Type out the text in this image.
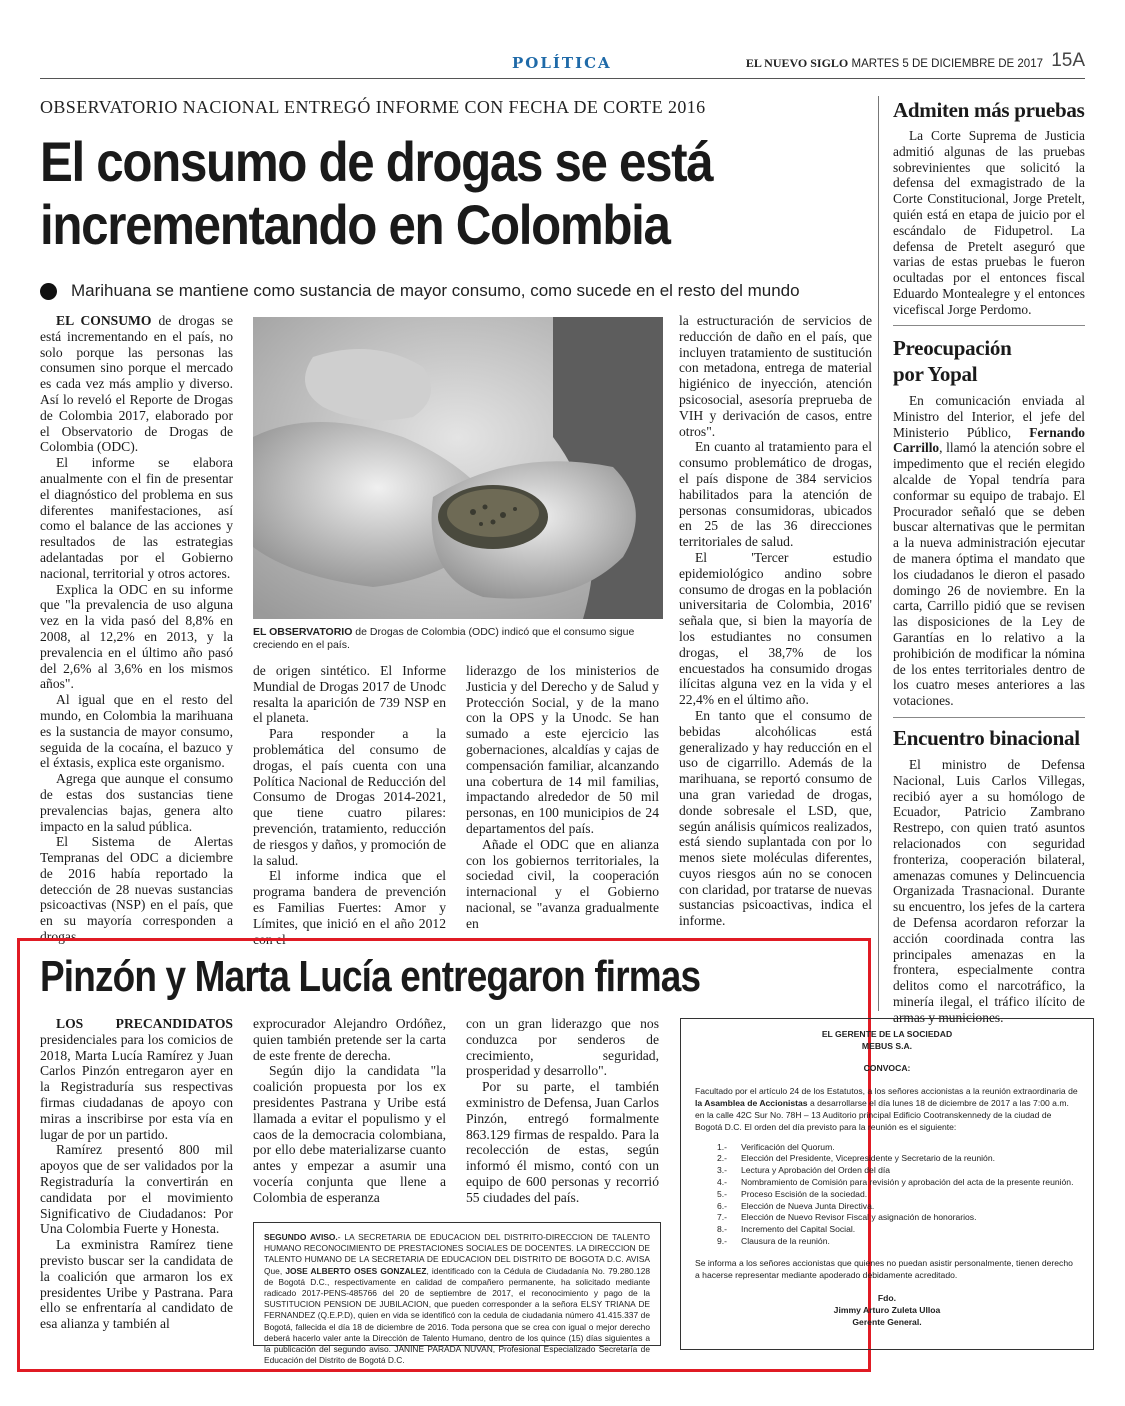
POLÍTICA	EL NUEVO SIGLO MARTES 5 DE DICIEMBRE DE 2017 15A
OBSERVATORIO NACIONAL ENTREGÓ INFORME CON FECHA DE CORTE 2016
El consumo de drogas se está incrementando en Colombia
Marihuana se mantiene como sustancia de mayor consumo, como sucede en el resto del mundo

EL CONSUMO de drogas se está incrementando en el país, no solo porque las personas las consumen sino porque el mercado es cada vez más amplio y diverso. Así lo reveló el Reporte de Drogas de Colombia 2017, elaborado por el Observatorio de Drogas de Colombia (ODC).

El informe se elabora anualmente con el fin de presentar el diagnóstico del problema en sus diferentes manifestaciones, así como el balance de las acciones y resultados de las estrategias adelantadas por el Gobierno nacional, territorial y otros actores.

Explica la ODC en su informe que "la prevalencia de uso alguna vez en la vida pasó del 8,8% en 2008, al 12,2% en 2013, y la prevalencia en el último año pasó del 2,6% al 3,6% en los mismos años".

Al igual que en el resto del mundo, en Colombia la marihuana es la sustancia de mayor consumo, seguida de la cocaína, el bazuco y el éxtasis, explica este organismo.

Agrega que aunque el consumo de estas dos sustancias tiene prevalencias bajas, genera alto impacto en la salud pública.

El Sistema de Alertas Tempranas del ODC a diciembre de 2016 había reportado la detección de 28 nuevas sustancias psicoactivas (NSP) en el país, que en su mayoría corresponden a drogas

EL OBSERVATORIO de Drogas de Colombia (ODC) indicó que el consumo sigue creciendo en el país.

de origen sintético. El Informe Mundial de Drogas 2017 de Unodc resalta la aparición de 739 NSP en el planeta.

Para responder a la problemática del consumo de drogas, el país cuenta con una Política Nacional de Reducción del Consumo de Drogas 2014-2021, que tiene cuatro pilares: prevención, tratamiento, reducción de riesgos y daños, y promoción de la salud.

El informe indica que el programa bandera de prevención es Familias Fuertes: Amor y Límites, que inició en el año 2012 con el

liderazgo de los ministerios de Justicia y del Derecho y de Salud y Protección Social, y de la mano con la OPS y la Unodc. Se han sumado a este ejercicio las gobernaciones, alcaldías y cajas de compensación familiar, alcanzando una cobertura de 14 mil familias, impactando alrededor de 50 mil personas, en 100 municipios de 24 departamentos del país.

Añade el ODC que en alianza con los gobiernos territoriales, la sociedad civil, la cooperación internacional y el Gobierno nacional, se "avanza gradualmente en

la estructuración de servicios de reducción de daño en el país, que incluyen tratamiento de sustitución con metadona, entrega de material higiénico de inyección, atención psicosocial, asesoría preprueba de VIH y derivación de casos, entre otros".

En cuanto al tratamiento para el consumo problemático de drogas, el país dispone de 384 servicios habilitados para la atención de personas consumidoras, ubicados en 25 de las 36 direcciones territoriales de salud.

El 'Tercer estudio epidemiológico andino sobre consumo de drogas en la población universitaria de Colombia, 2016' señala que, si bien la mayoría de los estudiantes no consumen drogas, el 38,7% de los encuestados ha consumido drogas ilícitas alguna vez en la vida y el 22,4% en el último año.

En tanto que el consumo de bebidas alcohólicas está generalizado y hay reducción en el uso de cigarrillo. Además de la marihuana, se reportó consumo de una gran variedad de drogas, donde sobresale el LSD, que, según análisis químicos realizados, está siendo suplantada con por lo menos siete moléculas diferentes, cuyos riesgos aún no se conocen con claridad, por tratarse de nuevas sustancias psicoactivas, indica el informe.

Admiten más pruebas

La Corte Suprema de Justicia admitió algunas de las pruebas sobrevinientes que solicitó la defensa del exmagistrado de la Corte Constitucional, Jorge Pretelt, quién está en etapa de juicio por el escándalo de Fidupetrol. La defensa de Pretelt aseguró que varias de estas pruebas le fueron ocultadas por el entonces fiscal Eduardo Montealegre y el entonces vicefiscal Jorge Perdomo.

Preocupación
por Yopal

En comunicación enviada al Ministro del Interior, el jefe del Ministerio Público, Fernando Carrillo, llamó la atención sobre el impedimento que el recién elegido alcalde de Yopal tendría para conformar su equipo de trabajo. El Procurador señaló que se deben buscar alternativas que le permitan a la nueva administración ejecutar de manera óptima el mandato que los ciudadanos le dieron el pasado domingo 26 de noviembre. En la carta, Carrillo pidió que se revisen las disposiciones de la Ley de Garantías en lo relativo a la prohibición de modificar la nómina de los entes territoriales dentro de los cuatro meses anteriores a las votaciones.

Encuentro binacional

El ministro de Defensa Nacional, Luis Carlos Villegas, recibió ayer a su homólogo de Ecuador, Patricio Zambrano Restrepo, con quien trató asuntos relacionados con seguridad fronteriza, cooperación bilateral, amenazas comunes y Delincuencia Organizada Trasnacional. Durante su encuentro, los jefes de la cartera de Defensa acordaron reforzar la acción coordinada contra las principales amenazas en la frontera, especialmente contra delitos como el narcotráfico, la minería ilegal, el tráfico ilícito de armas y municiones.

Pinzón y Marta Lucía entregaron firmas

LOS PRECANDIDATOS presidenciales para los comicios de 2018, Marta Lucía Ramírez y Juan Carlos Pinzón entregaron ayer en la Registraduría sus respectivas firmas ciudadanas de apoyo con miras a inscribirse por esta vía en lugar de por un partido.

Ramírez presentó 800 mil apoyos que de ser validados por la Registraduría la convertirán en candidata por el movimiento Significativo de Ciudadanos: Por Una Colombia Fuerte y Honesta.

La exministra Ramírez tiene previsto buscar ser la candidata de la coalición que armaron los ex presidentes Uribe y Pastrana. Para ello se enfrentaría al candidato de esa alianza y también al

exprocurador Alejandro Ordóñez, quien también pretende ser la carta de este frente de derecha.

Según dijo la candidata "la coalición propuesta por los ex presidentes Pastrana y Uribe está llamada a evitar el populismo y el caos de la democracia colombiana, por ello debe materializarse cuanto antes y empezar a asumir una vocería conjunta que llene a Colombia de esperanza

con un gran liderazgo que nos conduzca por senderos de crecimiento, seguridad, prosperidad y desarrollo".

Por su parte, el también exministro de Defensa, Juan Carlos Pinzón, entregó formalmente 863.129 firmas de respaldo. Para la recolección de estas, según informó él mismo, contó con un equipo de 600 personas y recorrió 55 ciudades del país.

SEGUNDO AVISO.- LA SECRETARIA DE EDUCACION DEL DISTRITO-DIRECCION DE TALENTO HUMANO RECONOCIMIENTO DE PRESTACIONES SOCIALES DE DOCENTES. LA DIRECCION DE TALENTO HUMANO DE LA SECRETARIA DE EDUCACION DEL DISTRITO DE BOGOTA D.C. AVISA Que, JOSE ALBERTO OSES GONZALEZ, identificado con la Cédula de Ciudadanía No. 79.280.128 de Bogotá D.C., respectivamente en calidad de compañero permanente, ha solicitado mediante radicado 2017-PENS-485766 del 20 de septiembre de 2017, el reconocimiento y pago de la SUSTITUCION PENSION DE JUBILACION, que pueden corresponder a la señora ELSY TRIANA DE FERNANDEZ (Q.E.P.D), quien en vida se identificó con la cedula de ciudadania número 41.415.337 de Bogotá, fallecida el día 18 de diciembre de 2016. Toda persona que se crea con igual o mejor derecho deberá hacerlo valer ante la Dirección de Talento Humano, dentro de los quince (15) días siguientes a la publicación del segundo aviso. JANINE PARADA NUVAN, Profesional Especializado Secretaría de Educación del Distrito de Bogotá D.C.
EL GERENTE DE LA SOCIEDAD
MEBUS S.A.
CONVOCA:
Facultado por el artículo 24 de los Estatutos, a los señores accionistas a la reunión extraordinaria de la Asamblea de Accionistas a desarrollarse el día lunes 18 de diciembre de 2017 a las 7:00 a.m. en la calle 42C Sur No. 78H – 13 Auditorio principal Edificio Cootranskennedy de la ciudad de Bogotá D.C. El orden del día previsto para la reunión es el siguiente:
1.- Verificación del Quorum.
2.- Elección del Presidente, Vicepresidente y Secretario de la reunión.
3.- Lectura y Aprobación del Orden del día
4.- Nombramiento de Comisión para revisión y aprobación del acta de la presente reunión.
5.- Proceso Escisión de la sociedad.
6.- Elección de Nueva Junta Directiva.
7.- Elección de Nuevo Revisor Fiscal y asignación de honorarios.
8.- Incremento del Capital Social.
9.- Clausura de la reunión.
Se informa a los señores accionistas que quienes no puedan asistir personalmente, tienen derecho a hacerse representar mediante apoderado debidamente acreditado.
Fdo.
Jimmy Arturo Zuleta Ulloa
Gerente General.
